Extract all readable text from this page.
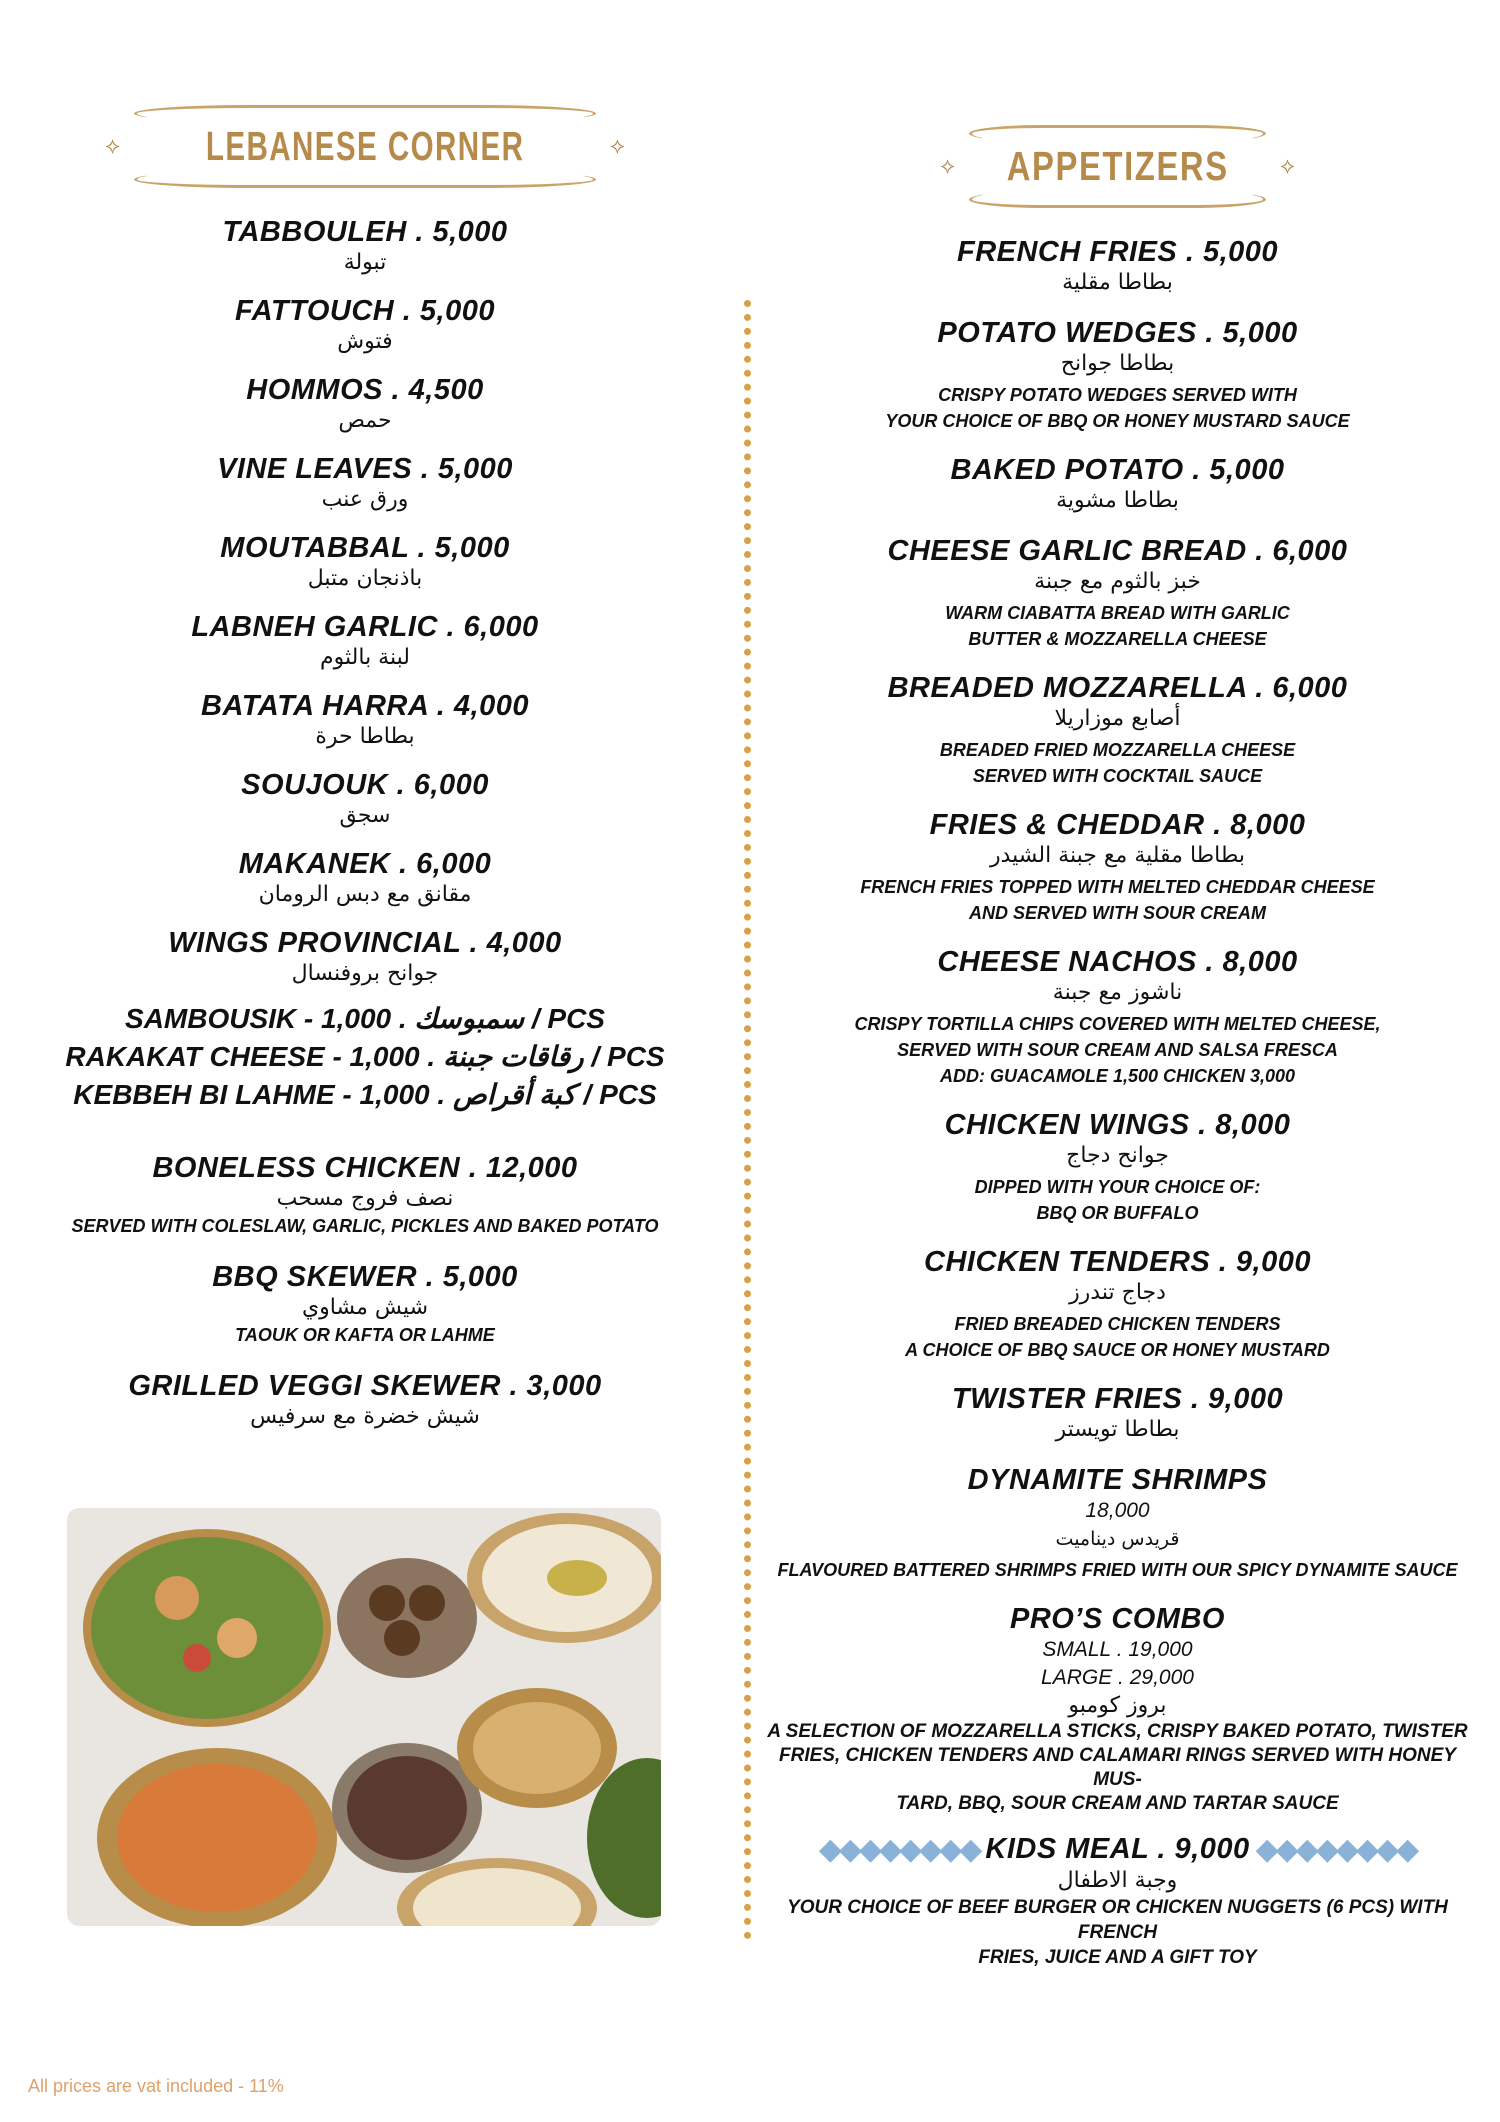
⟡ LEBANESE CORNER	⟡
TABBOULEH . 5,000
تبولة
FATTOUCH . 5,000
فتوش
HOMMOS . 4,500
حمص
VINE LEAVES . 5,000
ورق عنب
MOUTABBAL . 5,000
باذنجان متبل
LABNEH GARLIC . 6,000
لبنة بالثوم
BATATA HARRA . 4,000
بطاطا حرة
SOUJOUK . 6,000
سجق
MAKANEK . 6,000
مقانق مع دبس الرومان
WINGS PROVINCIAL . 4,000
جوانح بروفنسال
SAMBOUSIK - سمبوسك . 1,000 / PCS
RAKAKAT CHEESE - رقاقات جبنة . 1,000 / PCS
KEBBEH BI LAHME - كبة أقراص . 1,000 / PCS
BONELESS CHICKEN . 12,000
نصف فروج مسحب
SERVED WITH COLESLAW, GARLIC, PICKLES AND BAKED POTATO
BBQ SKEWER . 5,000
شيش مشاوي
TAOUK OR KAFTA OR LAHME
GRILLED VEGGI SKEWER . 3,000
شيش خضرة مع سرفيس
⟡ APPETIZERS ⟡
FRENCH FRIES . 5,000
بطاطا مقلية
POTATO WEDGES . 5,000
بطاطا جوانح
CRISPY POTATO WEDGES SERVED WITH
YOUR CHOICE OF BBQ OR HONEY MUSTARD SAUCE
BAKED POTATO . 5,000
بطاطا مشوية
CHEESE GARLIC BREAD . 6,000
خبز بالثوم مع جبنة
WARM CIABATTA BREAD WITH GARLIC
BUTTER & MOZZARELLA CHEESE
BREADED MOZZARELLA . 6,000
أصابع موزاريلا
BREADED FRIED MOZZARELLA CHEESE
SERVED WITH COCKTAIL SAUCE
FRIES & CHEDDAR . 8,000
بطاطا مقلية مع جبنة الشيدر
FRENCH FRIES TOPPED WITH MELTED CHEDDAR CHEESE
AND SERVED WITH SOUR CREAM
CHEESE NACHOS . 8,000
ناشوز مع جبنة
CRISPY TORTILLA CHIPS COVERED WITH MELTED CHEESE,
SERVED WITH SOUR CREAM AND SALSA FRESCA
ADD: GUACAMOLE 1,500 CHICKEN 3,000
CHICKEN WINGS . 8,000
جوانح دجاج
DIPPED WITH YOUR CHOICE OF:
BBQ OR BUFFALO
CHICKEN TENDERS . 9,000
دجاج تندرز
FRIED BREADED CHICKEN TENDERS
A CHOICE OF BBQ SAUCE OR HONEY MUSTARD
TWISTER FRIES . 9,000
بطاطا تويستر
DYNAMITE SHRIMPS
18,000
قريدس ديناميت
FLAVOURED BATTERED SHRIMPS FRIED WITH OUR SPICY DYNAMITE SAUCE
PRO’S COMBO
SMALL . 19,000
LARGE . 29,000
بروز كومبو
A SELECTION OF MOZZARELLA STICKS, CRISPY BAKED POTATO, TWISTER
FRIES, CHICKEN TENDERS AND CALAMARI RINGS SERVED WITH HONEY MUS-
TARD, BBQ, SOUR CREAM AND TARTAR SAUCE
◆◆◆◆◆◆◆◆ KIDS MEAL . 9,000 ◆◆◆◆◆◆◆◆
وجبة الاطفال
YOUR CHOICE OF BEEF BURGER OR CHICKEN NUGGETS (6 PCS) WITH FRENCH
FRIES, JUICE AND A GIFT TOY
All prices are vat included - 11%
